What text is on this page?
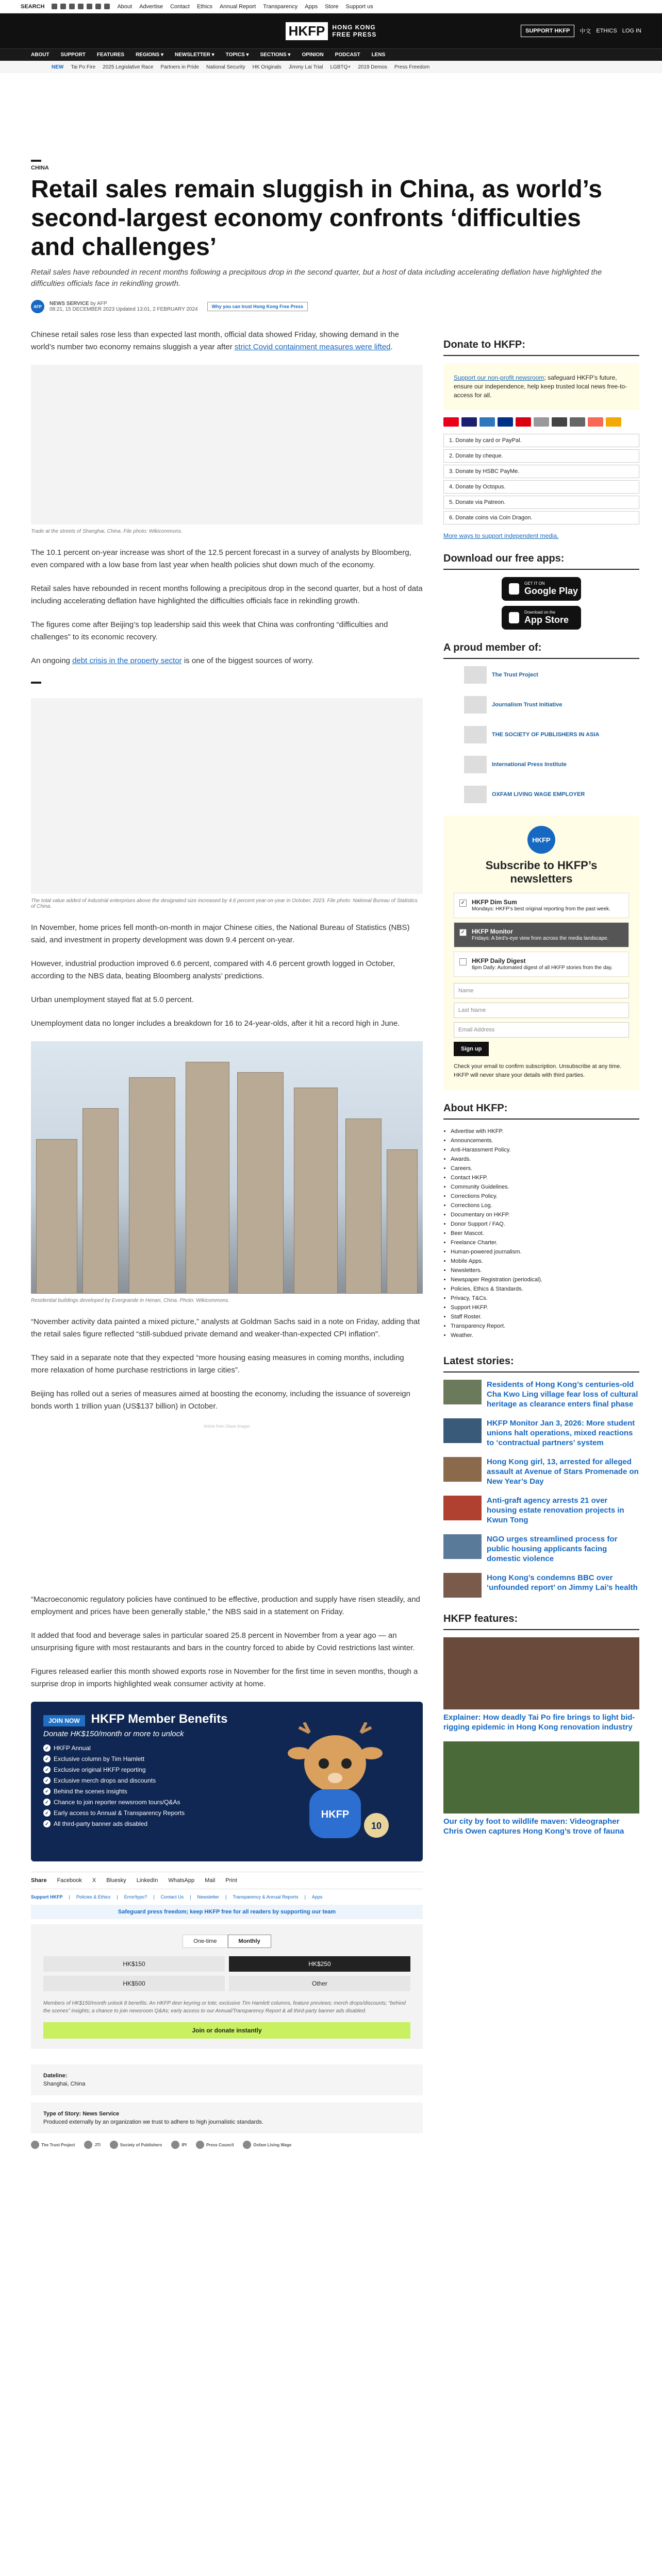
SEARCH	About Advertise Contact Ethics Annual Report Transparency Apps Store Support us
HKFP	HONG KONG
FREE PRESS	SUPPORT HKFP	中文 ETHICS LOG IN
ABOUT SUPPORT FEATURES REGIONS ▾ NEWSLETTER ▾ TOPICS ▾ SECTIONS ▾ OPINION PODCAST LENS
NEW Tai Po Fire 2025 Legislative Race Partners in Pride National Security HK Originals Jimmy Lai Trial LGBTQ+ 2019 Demos Press Freedom
CHINA
Retail sales remain sluggish in China, as world’s second-largest economy confronts ‘difficulties and challenges’
Retail sales have rebounded in recent months following a precipitous drop in the second quarter, but a host of data including accelerating deflation have highlighted the difficulties officials face in rekindling growth.
AFP	NEWS SERVICE by AFP
08:21, 15 DECEMBER 2023 Updated 13:01, 2 FEBRUARY 2024	Why you can trust Hong Kong Free Press

Chinese retail sales rose less than expected last month, official data showed Friday, showing demand in the world’s number two economy remains sluggish a year after strict Covid containment measures were lifted.

Trade at the streets of Shanghai, China. File photo: Wikicommons.

The 10.1 percent on-year increase was short of the 12.5 percent forecast in a survey of analysts by Bloomberg, even compared with a low base from last year when health policies shut down much of the economy.

Retail sales have rebounded in recent months following a precipitous drop in the second quarter, but a host of data including accelerating deflation have highlighted the difficulties officials face in rekindling growth.

The figures come after Beijing’s top leadership said this week that China was confronting “difficulties and challenges” to its economic recovery.

An ongoing debt crisis in the property sector is one of the biggest sources of worry.

The total value added of industrial enterprises above the designated size increased by 4.6 percent year-on-year in October, 2023. File photo: National Bureau of Statistics of China.

In November, home prices fell month-on-month in major Chinese cities, the National Bureau of Statistics (NBS) said, and investment in property development was down 9.4 percent on-year.

However, industrial production improved 6.6 percent, compared with 4.6 percent growth logged in October, according to the NBS data, beating Bloomberg analysts’ predictions.

Urban unemployment stayed flat at 5.0 percent.

Unemployment data no longer includes a breakdown for 16 to 24-year-olds, after it hit a record high in June.

Residential buildings developed by Evergrande in Henan, China. Photo: Wikicommons.

“November activity data painted a mixed picture,” analysts at Goldman Sachs said in a note on Friday, adding that the retail sales figure reflected “still-subdued private demand and weaker-than-expected CPI inflation”.

They said in a separate note that they expected “more housing easing measures in coming months, including more relaxation of home purchase restrictions in large cities”.

Beijing has rolled out a series of measures aimed at boosting the economy, including the issuance of sovereign bonds worth 1 trillion yuan (US$137 billion) in October.

Article from Glass Imager

“Macroeconomic regulatory policies have continued to be effective, production and supply have risen steadily, and employment and prices have been generally stable,” the NBS said in a statement on Friday.

It added that food and beverage sales in particular soared 25.8 percent in November from a year ago — an unsurprising figure with most restaurants and bars in the country forced to abide by Covid restrictions last winter.

Figures released earlier this month showed exports rose in November for the first time in seven months, though a surprise drop in imports highlighted weak consumer activity at home.

JOIN NOW HKFP Member Benefits
Donate HK$150/month or more to unlock
✓ HKFP Annual
✓ Exclusive column by Tim Hamlett
✓ Exclusive original HKFP reporting
✓ Exclusive merch drops and discounts
✓ Behind the scenes insights
✓ Chance to join reporter newsroom tours/Q&As
✓ Early access to Annual & Transparency Reports
✓ All third-party banner ads disabled
HKFP
10
Share Facebook X Bluesky LinkedIn WhatsApp Mail Print
Support HKFP | Policies & Ethics | Error/typo? | Contact Us | Newsletter | Transparency & Annual Reports | Apps
Safeguard press freedom; keep HKFP free for all readers by supporting our team
One-time	Monthly
HK$150	HK$250
HK$500	Other
Members of HK$150/month unlock 8 benefits: An HKFP deer keyring or tote; exclusive Tim Hamlett columns, feature previews; merch drops/discounts; “behind the scenes” insights; a chance to join newsroom Q&As; early access to our Annual/Transparency Report & all third-party banner ads disabled.
Join or donate instantly
Dateline:
Shanghai, China
Type of Story: News Service
Produced externally by an organization we trust to adhere to high journalistic standards.
The Trust Project	JTI	Society of Publishers	IPI	Press Council	Oxfam Living Wage
Donate to HKFP:

Support our non-profit newsroom; safeguard HKFP’s future, ensure our independence, help keep trusted local news free-to-access for all.

1. Donate by card or PayPal.
2. Donate by cheque.
3. Donate by HSBC PayMe.
4. Donate by Octopus.
5. Donate via Patreon.
6. Donate coins via Coin Dragon.

More ways to support independent media.

Download our free apps:
GET IT ON
Google Play
Download on the
App Store
A proud member of:
The Trust Project
Journalism Trust Initiative
THE SOCIETY OF PUBLISHERS IN ASIA
International Press Institute
OXFAM LIVING WAGE EMPLOYER
HKFP
Subscribe to HKFP’s newsletters
✓ HKFP Dim Sum
Mondays: HKFP’s best original reporting from the past week.
✓ HKFP Monitor
Fridays: A bird's-eye view from across the media landscape.
HKFP Daily Digest
8pm Daily: Automated digest of all HKFP stories from the day.
Name
Last Name
Email Address
Sign up

Check your email to confirm subscription. Unsubscribe at any time. HKFP will never share your details with third parties.

About HKFP:
• Advertise with HKFP.
• Announcements.
• Anti-Harassment Policy.
• Awards.
• Careers.
• Contact HKFP.
• Community Guidelines.
• Corrections Policy.
• Corrections Log.
• Documentary on HKFP.
• Donor Support / FAQ.
• Beer Mascot.
• Freelance Charter.
• Human-powered journalism.
• Mobile Apps.
• Newsletters.
• Newspaper Registration (periodical).
• Policies, Ethics & Standards.
• Privacy, T&Cs.
• Support HKFP.
• Staff Roster.
• Transparency Report.
• Weather.
Latest stories:
Residents of Hong Kong’s centuries-old Cha Kwo Ling village fear loss of cultural heritage as clearance enters final phase
HKFP Monitor Jan 3, 2026: More student unions halt operations, mixed reactions to ‘contractual partners’ system
Hong Kong girl, 13, arrested for alleged assault at Avenue of Stars Promenade on New Year’s Day
Anti-graft agency arrests 21 over housing estate renovation projects in Kwun Tong
NGO urges streamlined process for public housing applicants facing domestic violence
Hong Kong’s condemns BBC over ‘unfounded report’ on Jimmy Lai’s health
HKFP features:
Explainer: How deadly Tai Po fire brings to light bid-rigging epidemic in Hong Kong renovation industry
Our city by foot to wildlife maven: Videographer Chris Owen captures Hong Kong’s trove of fauna
